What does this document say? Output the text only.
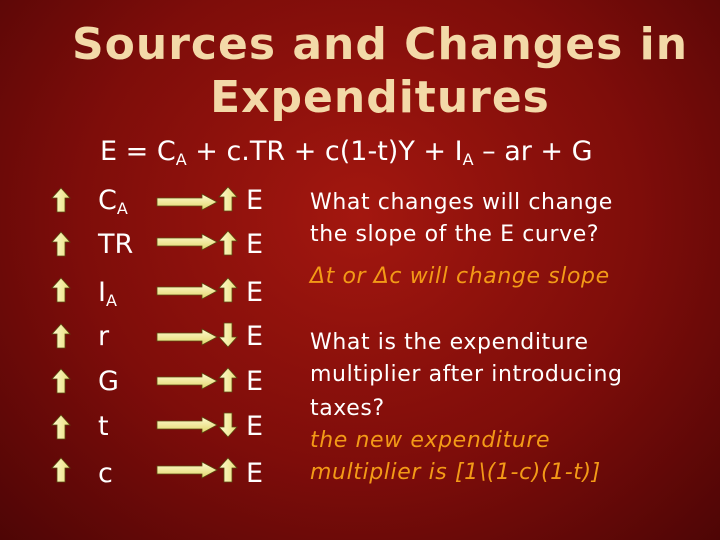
Sources and Changes in
Expenditures
$E = C_A + c.TR + c(1-t)Y + I_A$ – ar + G
$C_A$	E
TR	E
$I_A$	E
r	E
G	E
t	E
c	E
What changes will change
the slope of the E curve?
Δt or Δc will change slope
What is the expenditure
multiplier after introducing
taxes?
the new expenditure
multiplier is [1\(1-c)(1-t)]
